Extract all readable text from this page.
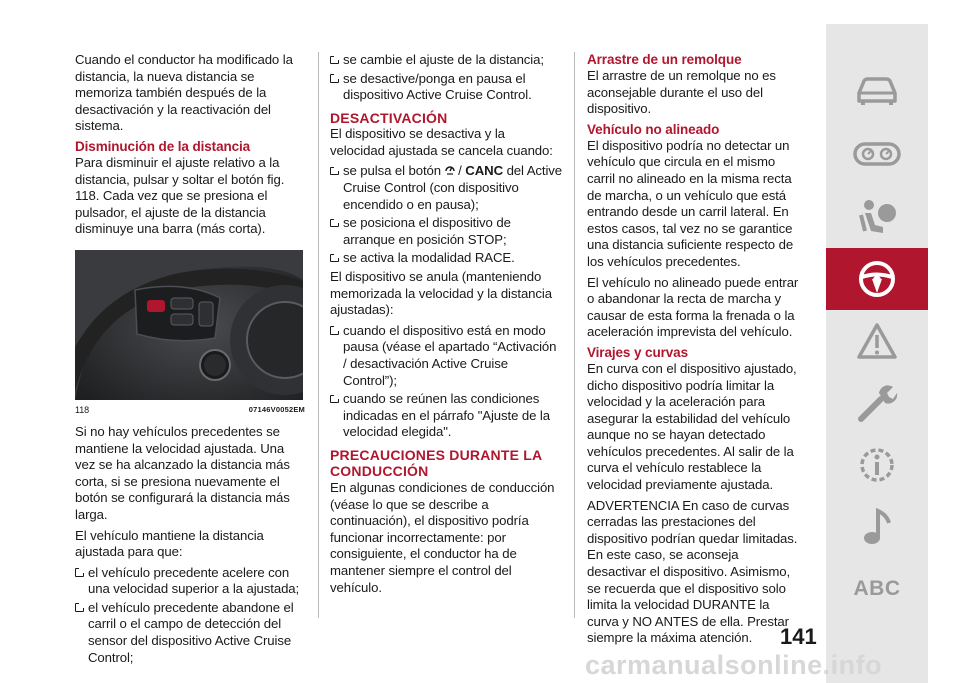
Cuando el conductor ha modificado la distancia, la nueva distancia se memoriza también después de la desactivación y la reactivación del sistema.

Disminución de la distancia

Para disminuir el ajuste relativo a la distancia, pulsar y soltar el botón fig. 118. Cada vez que se presiona el pulsador, el ajuste de la distancia disminuye una barra (más corta).

118	07146V0052EM

Si no hay vehículos precedentes se mantiene la velocidad ajustada. Una vez se ha alcanzado la distancia más corta, si se presiona nuevamente el botón se configurará la distancia más larga.

El vehículo mantiene la distancia ajustada para que:

el vehículo precedente acelere con una velocidad superior a la ajustada;
el vehículo precedente abandone el carril o el campo de detección del sensor del dispositivo Active Cruise Control;
se cambie el ajuste de la distancia;
se desactive/ponga en pausa el dispositivo Active Cruise Control.
DESACTIVACIÓN

El dispositivo se desactiva y la velocidad ajustada se cancela cuando:

se pulsa el botón  / CANC del Active Cruise Control (con dispositivo encendido o en pausa);
se posiciona el dispositivo de arranque en posición STOP;
se activa la modalidad RACE.

El dispositivo se anula (manteniendo memorizada la velocidad y la distancia ajustadas):

cuando el dispositivo está en modo pausa (véase el apartado “Activación / desactivación Active Cruise Control”);
cuando se reúnen las condiciones indicadas en el párrafo "Ajuste de la velocidad elegida".
PRECAUCIONES DURANTE LA CONDUCCIÓN

En algunas condiciones de conducción (véase lo que se describe a continuación), el dispositivo podría funcionar incorrectamente: por consiguiente, el conductor ha de mantener siempre el control del vehículo.

Arrastre de un remolque

El arrastre de un remolque no es aconsejable durante el uso del dispositivo.

Vehículo no alineado

El dispositivo podría no detectar un vehículo que circula en el mismo carril no alineado en la misma recta de marcha, o un vehículo que está entrando desde un carril lateral. En estos casos, tal vez no se garantice una distancia suficiente respecto de los vehículos precedentes.

El vehículo no alineado puede entrar o abandonar la recta de marcha y causar de esta forma la frenada o la aceleración imprevista del vehículo.

Virajes y curvas

En curva con el dispositivo ajustado, dicho dispositivo podría limitar la velocidad y la aceleración para asegurar la estabilidad del vehículo aunque no se hayan detectado vehículos precedentes. Al salir de la curva el vehículo restablece la velocidad previamente ajustada.

ADVERTENCIA En caso de curvas cerradas las prestaciones del dispositivo podrían quedar limitadas. En este caso, se aconseja desactivar el dispositivo. Asimismo, se recuerda que el dispositivo solo limita la velocidad DURANTE la curva y NO ANTES de ella. Prestar siempre la máxima atención.

ABC
141
carmanualsonline.info
